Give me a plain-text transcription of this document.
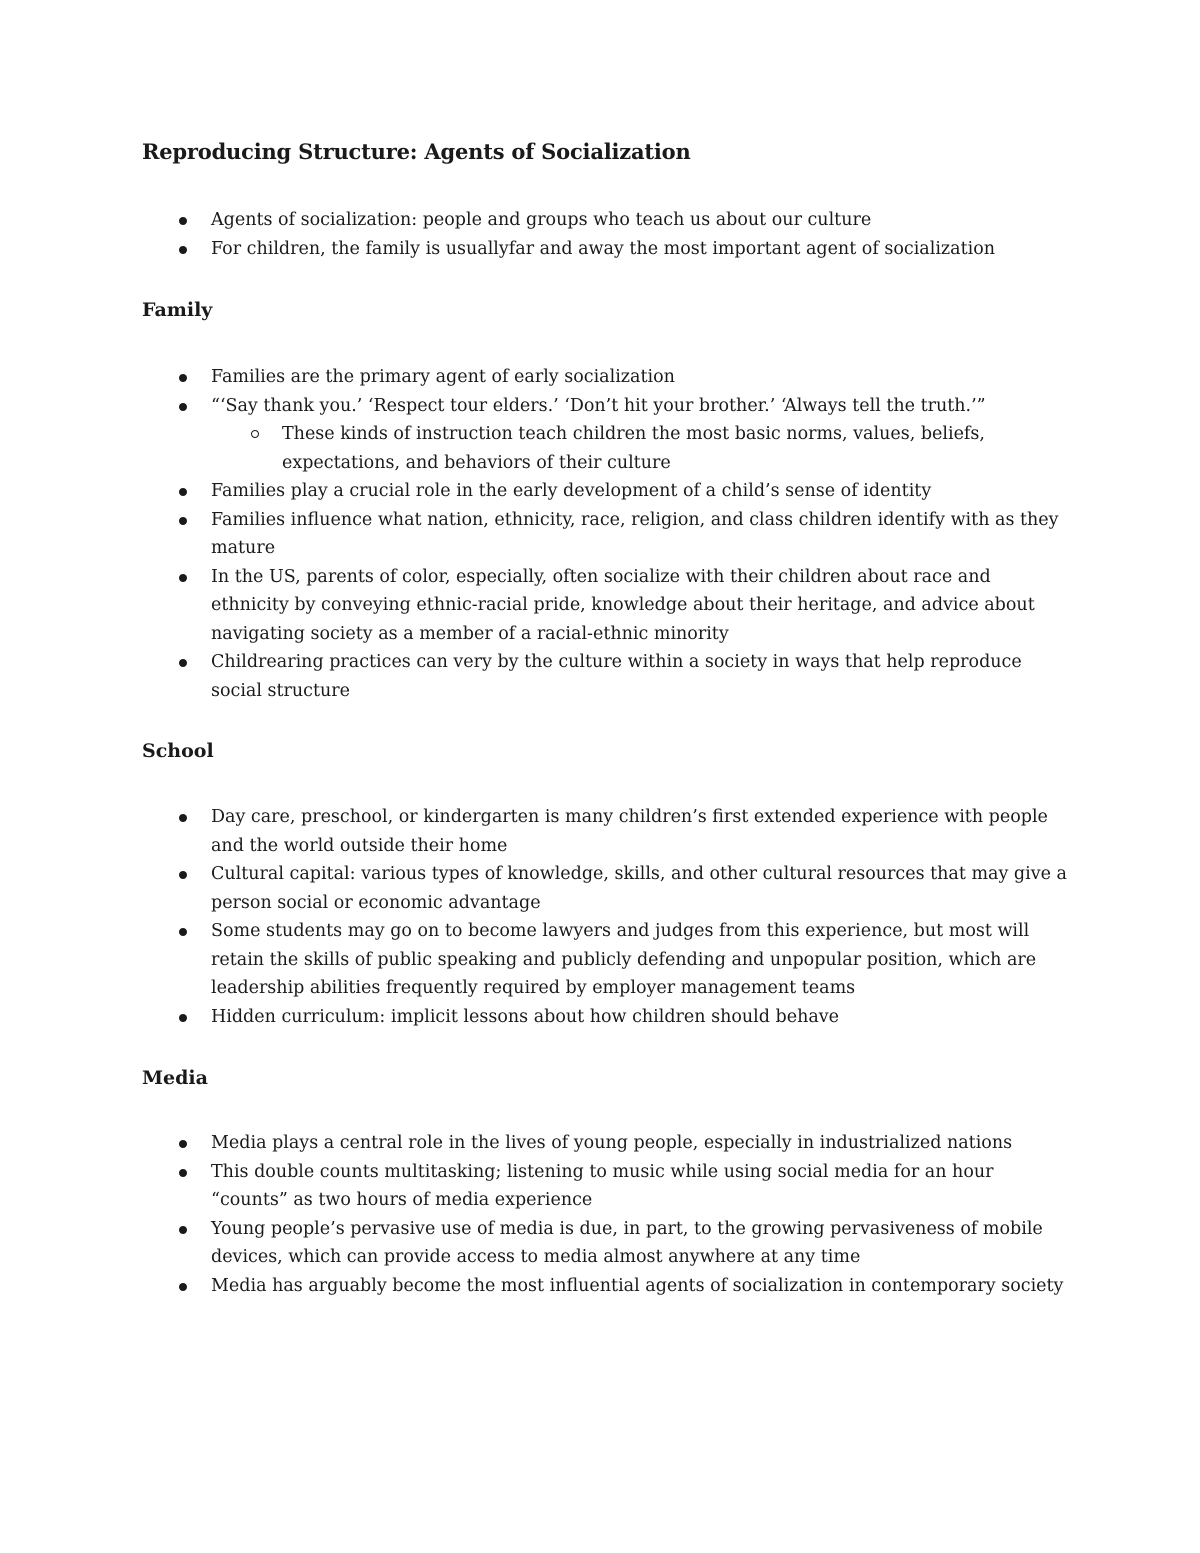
Reproducing Structure: Agents of Socialization
Agents of socialization: people and groups who teach us about our culture
For children, the family is usuallyfar and away the most important agent of socialization
Family
Families are the primary agent of early socialization
“‘Say thank you.’ ‘Respect tour elders.’ ‘Don’t hit your brother.’ ‘Always tell the truth.’”
These kinds of instruction teach children the most basic norms, values, beliefs, expectations, and behaviors of their culture
Families play a crucial role in the early development of a child’s sense of identity
Families influence what nation, ethnicity, race, religion, and class children identify with as they mature
In the US, parents of color, especially, often socialize with their children about race and ethnicity by conveying ethnic-racial pride, knowledge about their heritage, and advice about navigating society as a member of a racial-ethnic minority
Childrearing practices can very by the culture within a society in ways that help reproduce social structure
School
Day care, preschool, or kindergarten is many children’s first extended experience with people and the world outside their home
Cultural capital: various types of knowledge, skills, and other cultural resources that may give a person social or economic advantage
Some students may go on to become lawyers and judges from this experience, but most will retain the skills of public speaking and publicly defending and unpopular position, which are leadership abilities frequently required by employer management teams
Hidden curriculum: implicit lessons about how children should behave
Media
Media plays a central role in the lives of young people, especially in industrialized nations
This double counts multitasking; listening to music while using social media for an hour “counts” as two hours of media experience
Young people’s pervasive use of media is due, in part, to the growing pervasiveness of mobile devices, which can provide access to media almost anywhere at any time
Media has arguably become the most influential agents of socialization in contemporary society
